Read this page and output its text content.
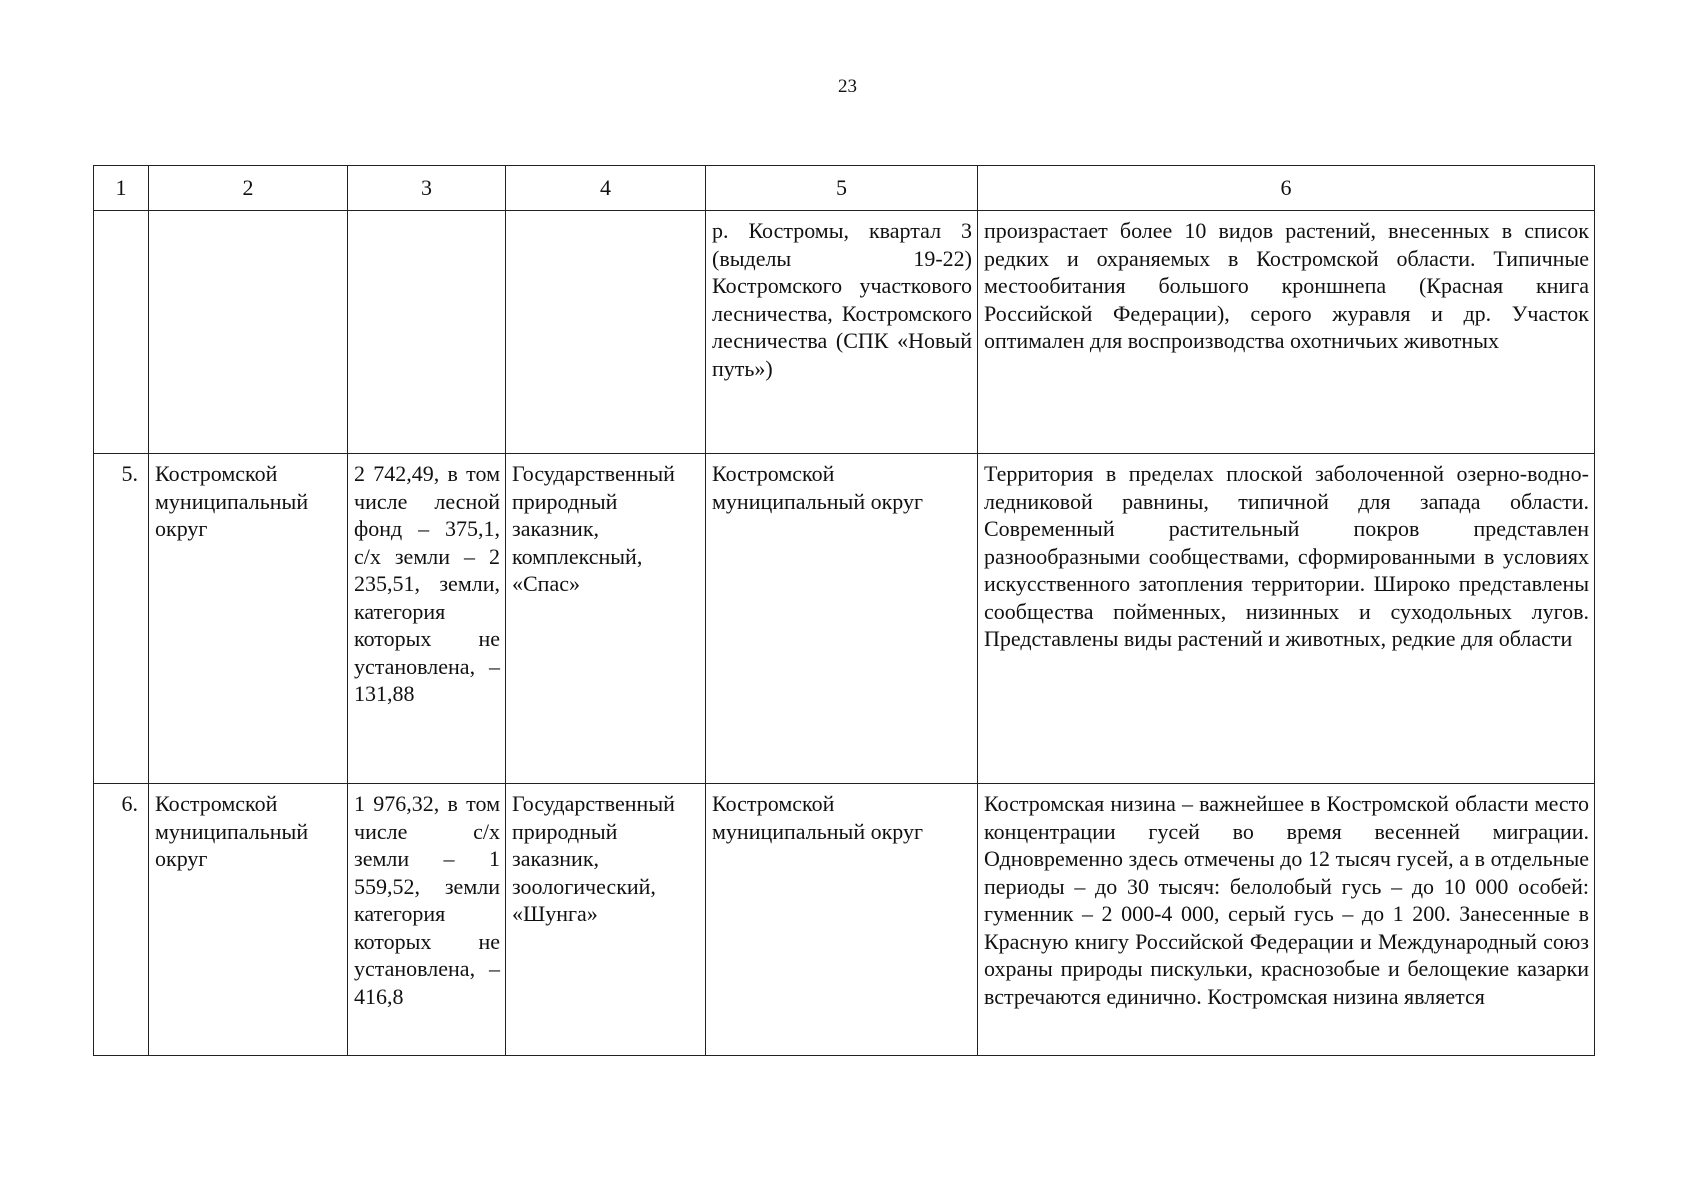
23
1	2	3	4	5	6
				р. Костромы, квартал 3 (выделы 19-22) Костромского участкового лесничества, Костромского лесничества (СПК «Новый путь»)	произрастает более 10 видов растений, внесенных в список редких и охраняемых в Костромской области. Типичные местообитания большого кроншнепа (Красная книга Российской Федерации), серого журавля и др. Участок оптимален для воспроизводства охотничьих животных
5.	Костромской муниципальный округ	2 742,49, в том числе лесной фонд – 375,1, с/х земли – 2 235,51, земли, категория которых не установлена, – 131,88	Государственный природный заказник, комплексный, «Спас»	Костромской муниципальный округ	Территория в пределах плоской заболоченной озерно-водно-ледниковой равнины, типичной для запада области. Современный растительный покров представлен разнообразными сообществами, сформированными в условиях искусственного затопления территории. Широко представлены сообщества пойменных, низинных и суходольных лугов. Представлены виды растений и животных, редкие для области
6.	Костромской муниципальный округ	1 976,32, в том числе с/х земли – 1 559,52, земли категория которых не установлена, – 416,8	Государственный природный заказник, зоологический, «Шунга»	Костромской муниципальный округ	Костромская низина – важнейшее в Костромской области место концентрации гусей во время весенней миграции. Одновременно здесь отмечены до 12 тысяч гусей, а в отдельные периоды – до 30 тысяч: белолобый гусь – до 10 000 особей: гуменник – 2 000-4 000, серый гусь – до 1 200. Занесенные в Красную книгу Российской Федерации и Международный союз охраны природы пискульки, краснозобые и белощекие казарки встречаются единично. Костромская низина является
